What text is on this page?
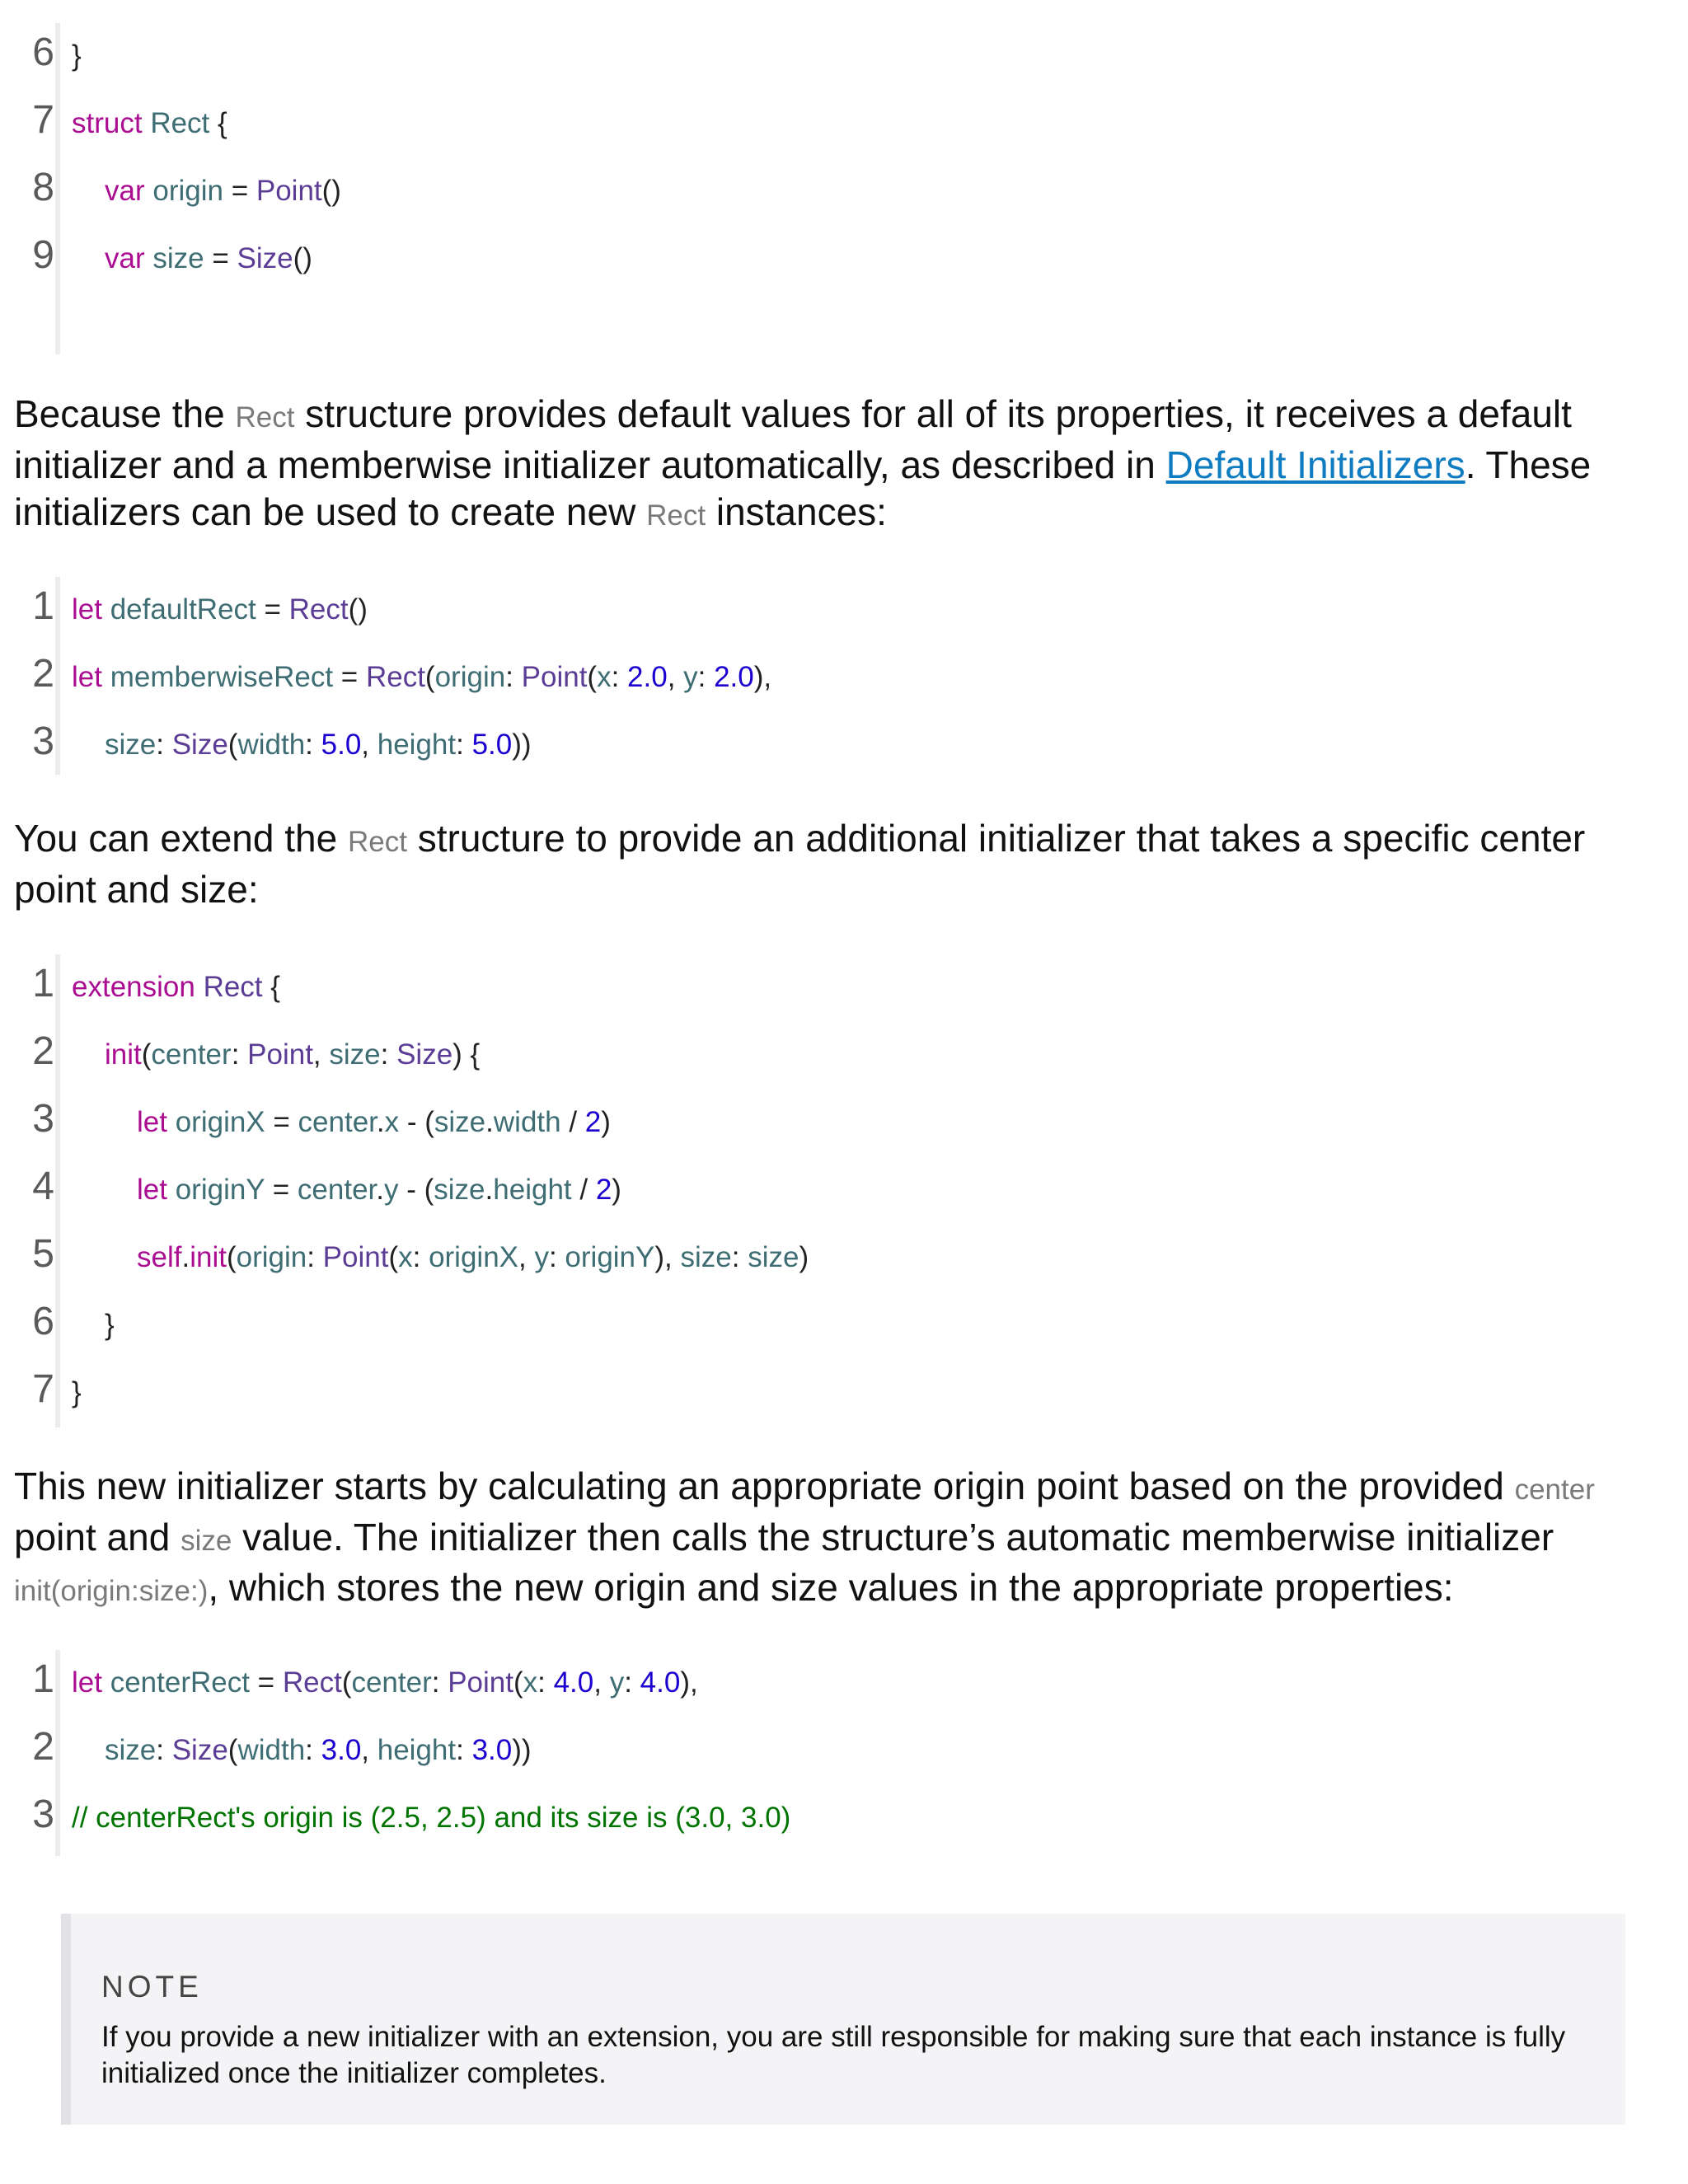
6 }
7 struct Rect {
8 var origin = Point()
9 var size = Size()

Because the Rect structure provides default values for all of its properties, it receives a default initializer and a memberwise initializer automatically, as described in Default Initializers. These initializers can be used to create new Rect instances:

1 let defaultRect = Rect()
2 let memberwiseRect = Rect(origin: Point(x: 2.0, y: 2.0),
3 size: Size(width: 5.0, height: 5.0))

You can extend the Rect structure to provide an additional initializer that takes a specific center point and size:

1 extension Rect {
2 init(center: Point, size: Size) {
3	let originX = center.x - (size.width / 2)
4	let originY = center.y - (size.height / 2)
5	self.init(origin: Point(x: originX, y: originY), size: size)
6 }
7 }

This new initializer starts by calculating an appropriate origin point based on the provided center point and size value. The initializer then calls the structure’s automatic memberwise initializer init(origin:size:), which stores the new origin and size values in the appropriate properties:

1 let centerRect = Rect(center: Point(x: 4.0, y: 4.0),
2 size: Size(width: 3.0, height: 3.0))
3 // centerRect's origin is (2.5, 2.5) and its size is (3.0, 3.0)
NOTE
If you provide a new initializer with an extension, you are still responsible for making sure that each instance is fully initialized once the initializer completes.
